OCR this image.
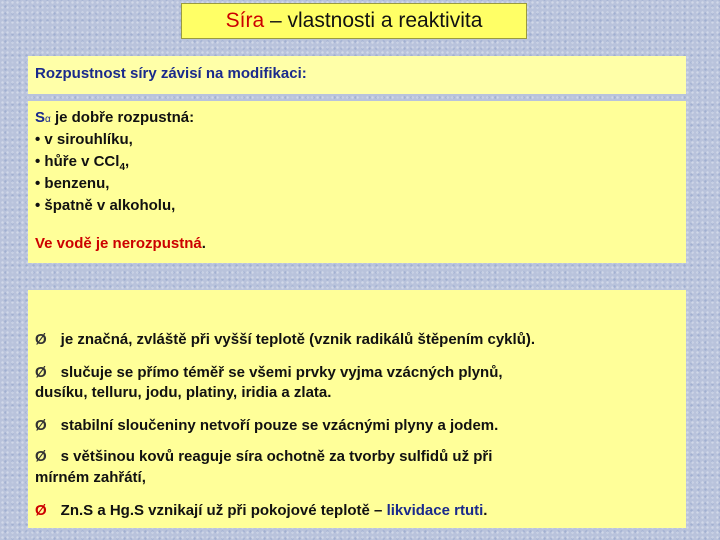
Síra – vlastnosti a reaktivita
Rozpustnost síry závisí na modifikaci:
Sα je dobře rozpustná:
• v sirouhlíku,
• hůře v CCl$_4$,
• benzenu,
• špatně v alkoholu,
Ve vodě je nerozpustná.
Ø je značná, zvláště při vyšší teplotě (vznik radikálů štěpením cyklů).
Ø slučuje se přímo téměř se všemi prvky vyjma vzácných plynů,
dusíku, telluru, jodu, platiny, iridia a zlata.
Ø stabilní sloučeniny netvoří pouze se vzácnými plyny a jodem.
Ø s většinou kovů reaguje síra ochotně za tvorby sulfidů už při
mírném zahřátí,
Ø Zn.S a Hg.S vznikají už při pokojové teplotě – likvidace rtuti.
